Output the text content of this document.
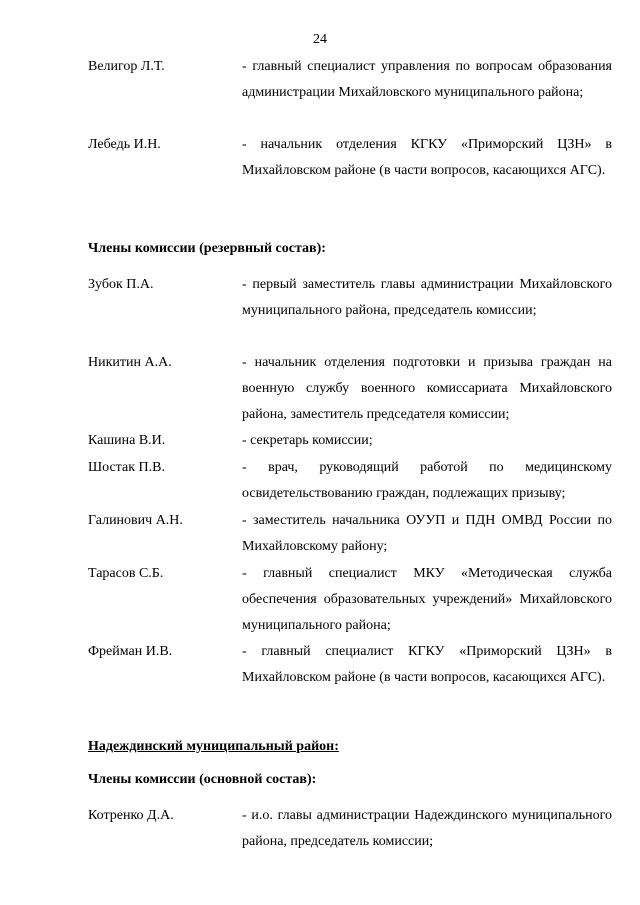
24
Велигор Л.Т.	- главный специалист управления по вопросам образования администрации Михайловского муниципального района;
Лебедь И.Н.	- начальник отделения КГКУ «Приморский ЦЗН» в Михайловском районе (в части вопросов, касающихся АГС).
Члены комиссии (резервный состав):
Зубок П.А.	- первый заместитель главы администрации Михайловского муниципального района, председатель комиссии;
Никитин А.А.	- начальник отделения подготовки и призыва граждан на военную службу военного комиссариата Михайловского района, заместитель председателя комиссии;
Кашина В.И.	- секретарь комиссии;
Шостак П.В.	- врач, руководящий работой по медицинскому освидетельствованию граждан, подлежащих призыву;
Галинович А.Н.	- заместитель начальника ОУУП и ПДН ОМВД России по Михайловскому району;
Тарасов С.Б.	- главный специалист МКУ «Методическая служба обеспечения образовательных учреждений» Михайловского муниципального района;
Фрейман И.В.	- главный специалист КГКУ «Приморский ЦЗН» в Михайловском районе (в части вопросов, касающихся АГС).
Надеждинский муниципальный район:
Члены комиссии (основной состав):
Котренко Д.А.	- и.о. главы администрации Надеждинского муниципального района, председатель комиссии;
